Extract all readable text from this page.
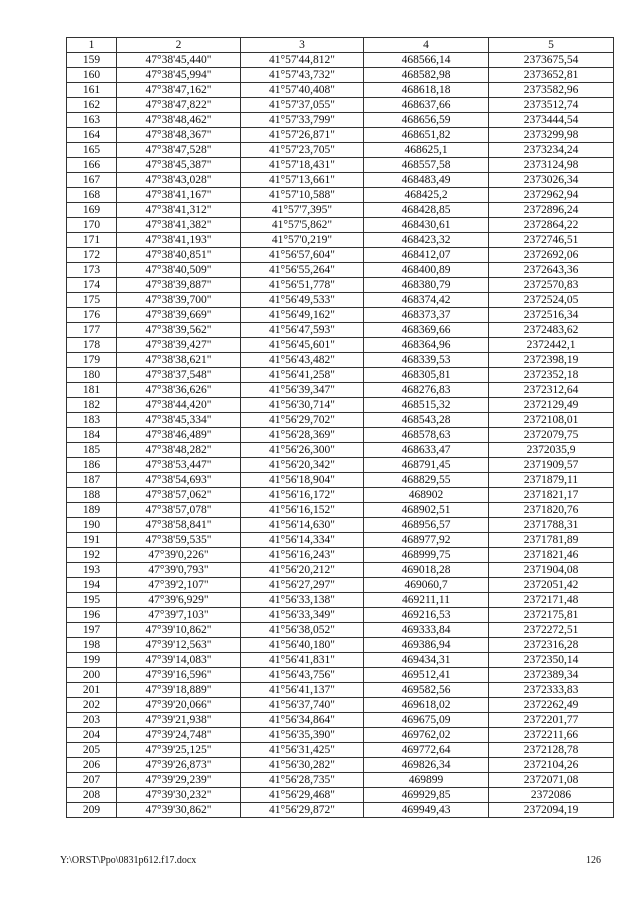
1	2	3	4	5
159	47°38'45,440"	41°57'44,812"	468566,14	2373675,54
160	47°38'45,994"	41°57'43,732"	468582,98	2373652,81
161	47°38'47,162"	41°57'40,408"	468618,18	2373582,96
162	47°38'47,822"	41°57'37,055"	468637,66	2373512,74
163	47°38'48,462"	41°57'33,799"	468656,59	2373444,54
164	47°38'48,367"	41°57'26,871"	468651,82	2373299,98
165	47°38'47,528"	41°57'23,705"	468625,1	2373234,24
166	47°38'45,387"	41°57'18,431"	468557,58	2373124,98
167	47°38'43,028"	41°57'13,661"	468483,49	2373026,34
168	47°38'41,167"	41°57'10,588"	468425,2	2372962,94
169	47°38'41,312"	41°57'7,395"	468428,85	2372896,24
170	47°38'41,382"	41°57'5,862"	468430,61	2372864,22
171	47°38'41,193"	41°57'0,219"	468423,32	2372746,51
172	47°38'40,851"	41°56'57,604"	468412,07	2372692,06
173	47°38'40,509"	41°56'55,264"	468400,89	2372643,36
174	47°38'39,887"	41°56'51,778"	468380,79	2372570,83
175	47°38'39,700"	41°56'49,533"	468374,42	2372524,05
176	47°38'39,669"	41°56'49,162"	468373,37	2372516,34
177	47°38'39,562"	41°56'47,593"	468369,66	2372483,62
178	47°38'39,427"	41°56'45,601"	468364,96	2372442,1
179	47°38'38,621"	41°56'43,482"	468339,53	2372398,19
180	47°38'37,548"	41°56'41,258"	468305,81	2372352,18
181	47°38'36,626"	41°56'39,347"	468276,83	2372312,64
182	47°38'44,420"	41°56'30,714"	468515,32	2372129,49
183	47°38'45,334"	41°56'29,702"	468543,28	2372108,01
184	47°38'46,489"	41°56'28,369"	468578,63	2372079,75
185	47°38'48,282"	41°56'26,300"	468633,47	2372035,9
186	47°38'53,447"	41°56'20,342"	468791,45	2371909,57
187	47°38'54,693"	41°56'18,904"	468829,55	2371879,11
188	47°38'57,062"	41°56'16,172"	468902	2371821,17
189	47°38'57,078"	41°56'16,152"	468902,51	2371820,76
190	47°38'58,841"	41°56'14,630"	468956,57	2371788,31
191	47°38'59,535"	41°56'14,334"	468977,92	2371781,89
192	47°39'0,226"	41°56'16,243"	468999,75	2371821,46
193	47°39'0,793"	41°56'20,212"	469018,28	2371904,08
194	47°39'2,107"	41°56'27,297"	469060,7	2372051,42
195	47°39'6,929"	41°56'33,138"	469211,11	2372171,48
196	47°39'7,103"	41°56'33,349"	469216,53	2372175,81
197	47°39'10,862"	41°56'38,052"	469333,84	2372272,51
198	47°39'12,563"	41°56'40,180"	469386,94	2372316,28
199	47°39'14,083"	41°56'41,831"	469434,31	2372350,14
200	47°39'16,596"	41°56'43,756"	469512,41	2372389,34
201	47°39'18,889"	41°56'41,137"	469582,56	2372333,83
202	47°39'20,066"	41°56'37,740"	469618,02	2372262,49
203	47°39'21,938"	41°56'34,864"	469675,09	2372201,77
204	47°39'24,748"	41°56'35,390"	469762,02	2372211,66
205	47°39'25,125"	41°56'31,425"	469772,64	2372128,78
206	47°39'26,873"	41°56'30,282"	469826,34	2372104,26
207	47°39'29,239"	41°56'28,735"	469899	2372071,08
208	47°39'30,232"	41°56'29,468"	469929,85	2372086
209	47°39'30,862"	41°56'29,872"	469949,43	2372094,19
Y:\ORST\Ppo\0831p612.f17.docx	126
